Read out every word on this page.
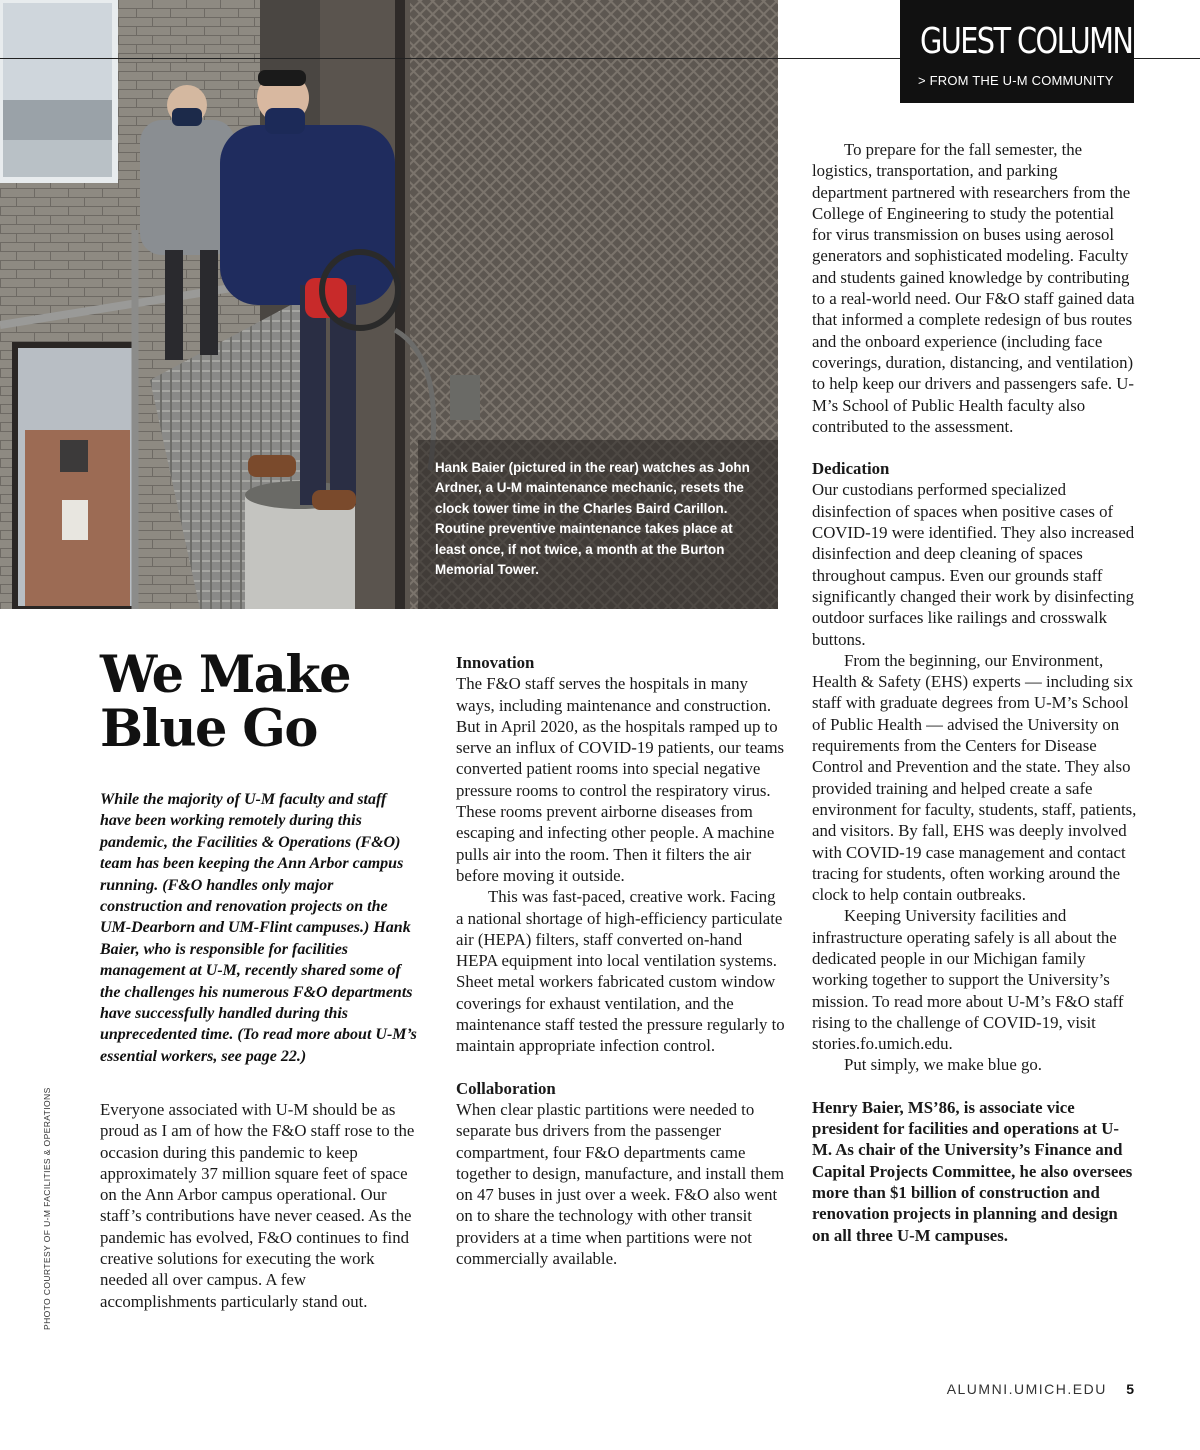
GUEST COLUMN
> FROM THE U-M COMMUNITY
Hank Baier (pictured in the rear) watches as John Ardner, a U-M maintenance mechanic, resets the clock tower time in the Charles Baird Carillon. Routine preventive maintenance takes place at least once, if not twice, a month at the Burton Memorial Tower.
PHOTO COURTESY OF U-M FACILITIES & OPERATIONS
We Make Blue Go
While the majority of U-M faculty and staff have been working remotely during this pandemic, the Facilities & Operations (F&O) team has been keeping the Ann Arbor campus running. (F&O handles only major construction and renovation projects on the UM-Dearborn and UM-Flint campuses.) Hank Baier, who is responsible for facilities management at U-M, recently shared some of the challenges his numerous F&O departments have successfully handled during this unprecedented time. (To read more about U-M’s essential workers, see page 22.)

Everyone associated with U-M should be as proud as I am of how the F&O staff rose to the occasion during this pandemic to keep approximately 37 million square feet of space on the Ann Arbor campus operational. Our staff’s contributions have never ceased. As the pandemic has evolved, F&O continues to find creative solutions for executing the work needed all over campus. A few accomplishments particularly stand out.

Innovation

The F&O staff serves the hospitals in many ways, including maintenance and construction. But in April 2020, as the hospitals ramped up to serve an influx of COVID-19 patients, our teams converted patient rooms into special negative pressure rooms to control the respiratory virus. These rooms prevent airborne diseases from escaping and infecting other people. A machine pulls air into the room. Then it filters the air before moving it outside.

This was fast-paced, creative work. Facing a national shortage of high-efficiency particulate air (HEPA) filters, staff converted on-hand HEPA equipment into local ventilation systems. Sheet metal workers fabricated custom window coverings for exhaust ventilation, and the maintenance staff tested the pressure regularly to maintain appropriate infection control.

Collaboration

When clear plastic partitions were needed to separate bus drivers from the passenger compartment, four F&O departments came together to design, manufacture, and install them on 47 buses in just over a week. F&O also went on to share the technology with other transit providers at a time when partitions were not commercially available.

To prepare for the fall semester, the logistics, transportation, and parking department partnered with researchers from the College of Engineering to study the potential for virus transmission on buses using aerosol generators and sophisticated modeling. Faculty and students gained knowledge by contributing to a real-world need. Our F&O staff gained data that informed a complete redesign of bus routes and the onboard experience (including face coverings, duration, distancing, and ventilation) to help keep our drivers and passengers safe. U-M’s School of Public Health faculty also contributed to the assessment.

Dedication

Our custodians performed specialized disinfection of spaces when positive cases of COVID-19 were identified. They also increased disinfection and deep cleaning of spaces throughout campus. Even our grounds staff significantly changed their work by disinfecting outdoor surfaces like railings and crosswalk buttons.

From the beginning, our Environment, Health & Safety (EHS) experts — including six staff with graduate degrees from U-M’s School of Public Health — advised the University on requirements from the Centers for Disease Control and Prevention and the state. They also provided training and helped create a safe environment for faculty, students, staff, patients, and visitors. By fall, EHS was deeply involved with COVID-19 case management and contact tracing for students, often working around the clock to help contain outbreaks.

Keeping University facilities and infrastructure operating safely is all about the dedicated people in our Michigan family working together to support the University’s mission. To read more about U-M’s F&O staff rising to the challenge of COVID-19, visit stories.fo.umich.edu.

Put simply, we make blue go.

Henry Baier, MS’86, is associate vice president for facilities and operations at U-M. As chair of the University’s Finance and Capital Projects Committee, he also oversees more than $1 billion of construction and renovation projects in planning and design on all three U-M campuses.

ALUMNI.UMICH.EDU 5
